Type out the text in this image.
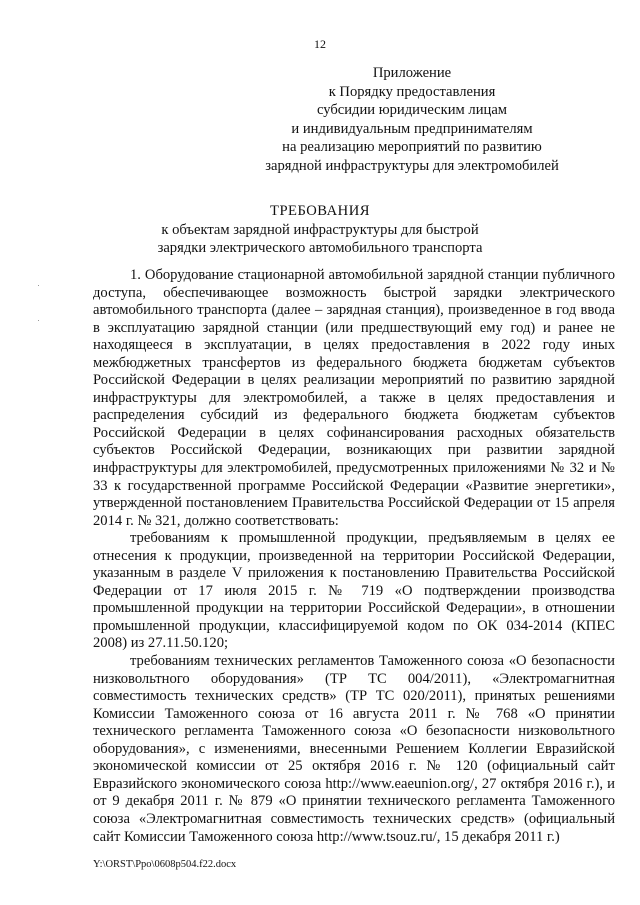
12
Приложение
к Порядку предоставления
субсидии юридическим лицам
и индивидуальным предпринимателям
на реализацию мероприятий по развитию
зарядной инфраструктуры для электромобилей
ТРЕБОВАНИЯ
к объектам зарядной инфраструктуры для быстрой
зарядки электрического автомобильного транспорта

1. Оборудование стационарной автомобильной зарядной станции публичного доступа, обеспечивающее возможность быстрой зарядки электрического автомобильного транспорта (далее – зарядная станция), произведенное в год ввода в эксплуатацию зарядной станции (или предшествующий ему год) и ранее не находящееся в эксплуатации, в целях предоставления в 2022 году иных межбюджетных трансфертов из федерального бюджета бюджетам субъектов Российской Федерации в целях реализации мероприятий по развитию зарядной инфраструктуры для электромобилей, а также в целях предоставления и распределения субсидий из федерального бюджета бюджетам субъектов Российской Федерации в целях софинансирования расходных обязательств субъектов Российской Федерации, возникающих при развитии зарядной инфраструктуры для электромобилей, предусмотренных приложениями № 32 и № 33 к государственной программе Российской Федерации «Развитие энергетики», утвержденной постановлением Правительства Российской Федерации от 15 апреля 2014 г. № 321, должно соответствовать:

требованиям к промышленной продукции, предъявляемым в целях ее отнесения к продукции, произведенной на территории Российской Федерации, указанным в разделе V приложения к постановлению Правительства Российской Федерации от 17 июля 2015 г. № 719 «О подтверждении производства промышленной продукции на территории Российской Федерации», в отношении промышленной продукции, классифицируемой кодом по ОК 034-2014 (КПЕС 2008) из 27.11.50.120;

требованиям технических регламентов Таможенного союза «О безопасности низковольтного оборудования» (ТР ТС 004/2011), «Электромагнитная совместимость технических средств» (ТР ТС 020/2011), принятых решениями Комиссии Таможенного союза от 16 августа 2011 г. № 768 «О принятии технического регламента Таможенного союза «О безопасности низковольтного оборудования», с изменениями, внесенными Решением Коллегии Евразийской экономической комиссии от 25 октября 2016 г. № 120 (официальный сайт Евразийского экономического союза http://www.eaeunion.org/, 27 октября 2016 г.), и от 9 декабря 2011 г. № 879 «О принятии технического регламента Таможенного союза «Электромагнитная совместимость технических средств» (официальный сайт Комиссии Таможенного союза http://www.tsouz.ru/, 15 декабря 2011 г.)

Y:\ORST\Ppo\0608p504.f22.docx
